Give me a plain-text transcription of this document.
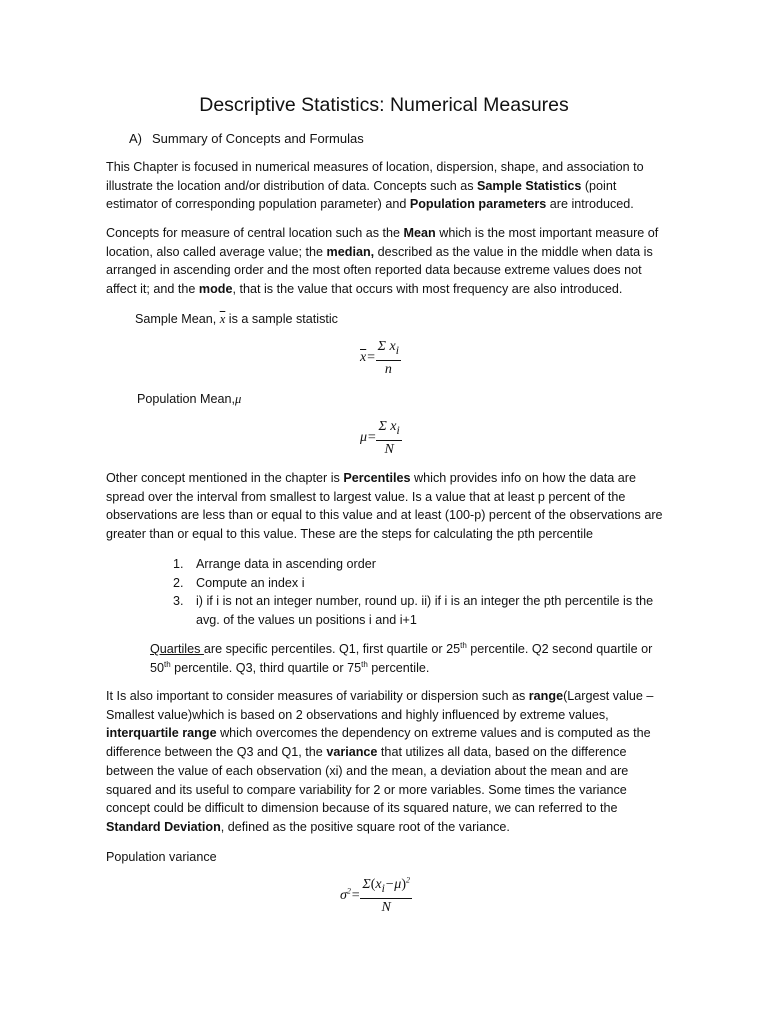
Descriptive Statistics: Numerical Measures
A) Summary of Concepts and Formulas

This Chapter is focused in numerical measures of location, dispersion, shape, and association to illustrate the location and/or distribution of data. Concepts such as Sample Statistics (point estimator of corresponding population parameter) and Population parameters are introduced.

Concepts for measure of central location such as the Mean which is the most important measure of location, also called average value; the median, described as the value in the middle when data is arranged in ascending order and the most often reported data because extreme values does not affect it; and the mode, that is the value that occurs with most frequency are also introduced.

Sample Mean, $\overline{x}$ is a sample statistic
$\overline{x}= \frac{\Sigma x_i}{n}$
Population Mean,μ
$\mu= \frac{\Sigma x_i}{N}$

Other concept mentioned in the chapter is Percentiles which provides info on how the data are spread over the interval from smallest to largest value. Is a value that at least p percent of the observations are less than or equal to this value and at least (100-p) percent of the observations are greater than or equal to this value. These are the steps for calculating the pth percentile

1. Arrange data in ascending order
2. Compute an index i
3. i) if i is not an integer number, round up. ii) if i is an integer the pth percentile is the avg. of the values un positions i and i+1

Quartiles are specific percentiles. Q1, first quartile or 25th percentile. Q2 second quartile or 50th percentile. Q3, third quartile or 75th percentile.

It Is also important to consider measures of variability or dispersion such as range(Largest value – Smallest value)which is based on 2 observations and highly influenced by extreme values, interquartile range which overcomes the dependency on extreme values and is computed as the difference between the Q3 and Q1, the variance that utilizes all data, based on the difference between the value of each observation (xi) and the mean, a deviation about the mean and are squared and its useful to compare variability for 2 or more variables. Some times the variance concept could be difficult to dimension because of its squared nature, we can referred to the Standard Deviation, defined as the positive square root of the variance.

Population variance
$\sigma^2= \frac{\Sigma(x_i-\mu)^2}{N}$
